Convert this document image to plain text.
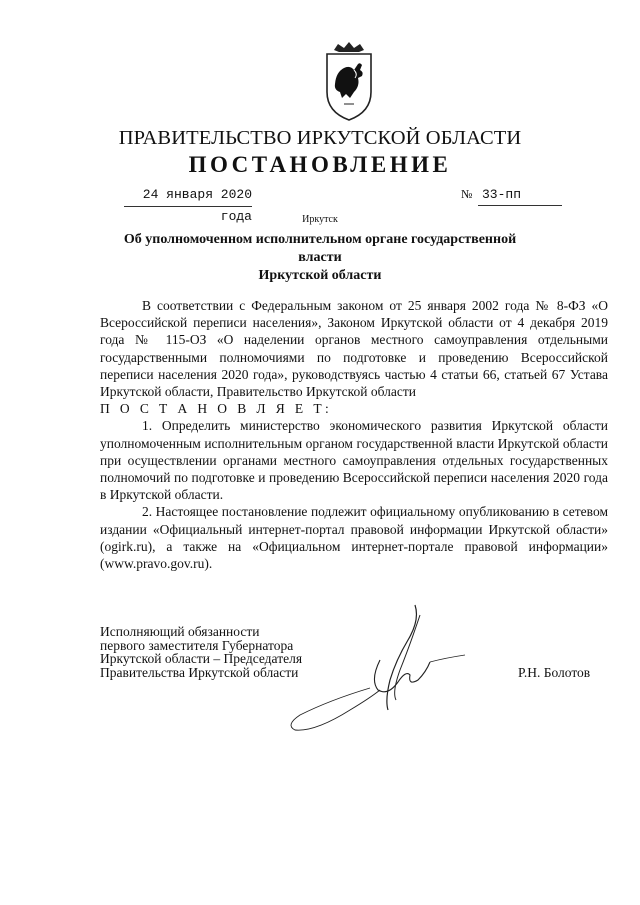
ПРАВИТЕЛЬСТВО ИРКУТСКОЙ ОБЛАСТИ
ПОСТАНОВЛЕНИЕ
24 января 2020 года
№ 33-пп
Иркутск
Об уполномоченном исполнительном органе государственной власти
Иркутской области

В соответствии с Федеральным законом от 25 января 2002 года № 8-ФЗ «О Всероссийской переписи населения», Законом Иркутской области от 4 декабря 2019 года № 115-ОЗ «О наделении органов местного самоуправления отдельными государственными полномочиями по подготовке и проведению Всероссийской переписи населения 2020 года», руководствуясь частью 4 статьи 66, статьей 67 Устава Иркутской области, Правительство Иркутской области

П О С Т А Н О В Л Я Е Т:

1. Определить министерство экономического развития Иркутской области уполномоченным исполнительным органом государственной власти Иркутской области при осуществлении органами местного самоуправления отдельных государственных полномочий по подготовке и проведению Всероссийской переписи населения 2020 года в Иркутской области.

2. Настоящее постановление подлежит официальному опубликованию в сетевом издании «Официальный интернет-портал правовой информации Иркутской области» (ogirk.ru), а также на «Официальном интернет-портале правовой информации» (www.pravo.gov.ru).

Исполняющий обязанности
первого заместителя Губернатора
Иркутской области – Председателя
Правительства Иркутской области	Р.Н. Болотов
